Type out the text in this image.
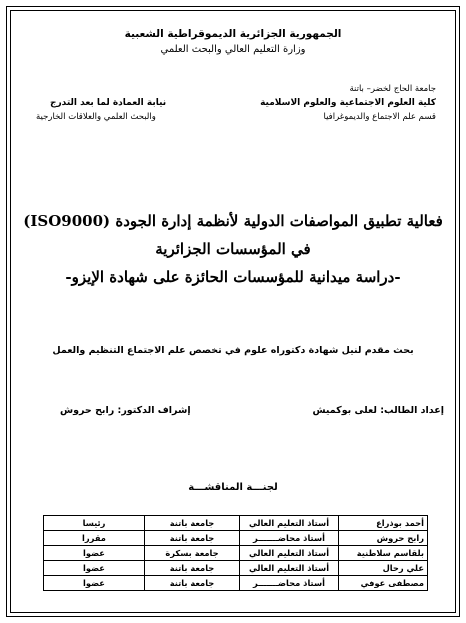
الجمهورية الجزائرية الديموقراطية الشعبية
وزارة التعليم العالي والبحث العلمي
جامعة الحاج لخضر– باتنة
كلية العلوم الاجتماعية والعلوم الاسلامية
قسم علم الاجتماع والديموغرافيا
نيابة العمادة لما بعد التدرج
والبحث العلمي والعلاقات الخارجية
فعالية تطبيق المواصفات الدولية لأنظمة إدارة الجودة (ISO9000)
في المؤسسات الجزائرية
-دراسة ميدانية للمؤسسات الحائزة على شهادة الإيزو-
بحث مقدم لنيل شهادة دكتوراه علوم في تخصص علم الاجتماع التنظيم والعمل
إعداد الطالب: لعلى بوكميش
إشراف الدكتور: رابح حروش
لجنـــة المناقشـــة
أحمد بوذراع	أستاذ التعليم العالي	جامعة باتنة	رئيسا
رابح حروش	أستاذ محاضـــــــر	جامعة باتنة	مقررا
بلقاسم سلاطنية	أستاذ التعليم العالي	جامعة بسكرة	عضوا
علي رحال	أستاذ التعليم العالي	جامعة باتنة	عضوا
مصطفى عوفي	أستاذ محاضـــــــر	جامعة باتنة	عضوا
